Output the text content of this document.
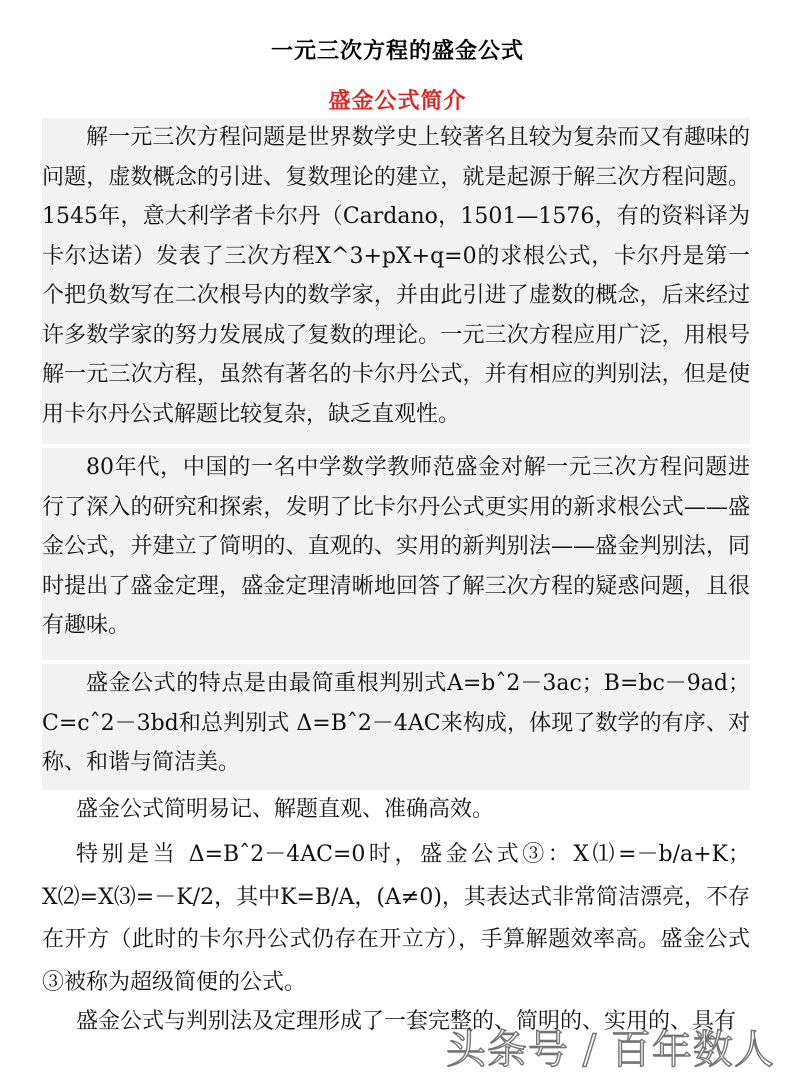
一元三次方程的盛金公式
盛金公式简介

解一元三次方程问题是世界数学史上较著名且较为复杂而又有趣味的问题，虚数概念的引进、复数理论的建立，就是起源于解三次方程问题。1545年，意大利学者卡尔丹（Cardano，1501—1576，有的资料译为卡尔达诺）发表了三次方程X^3+pX+q=0的求根公式，卡尔丹是第一个把负数写在二次根号内的数学家，并由此引进了虚数的概念，后来经过许多数学家的努力发展成了复数的理论。一元三次方程应用广泛，用根号解一元三次方程，虽然有著名的卡尔丹公式，并有相应的判别法，但是使用卡尔丹公式解题比较复杂，缺乏直观性。

80年代，中国的一名中学数学教师范盛金对解一元三次方程问题进行了深入的研究和探索，发明了比卡尔丹公式更实用的新求根公式——盛金公式，并建立了简明的、直观的、实用的新判别法——盛金判别法，同时提出了盛金定理，盛金定理清晰地回答了解三次方程的疑惑问题，且很有趣味。

盛金公式的特点是由最简重根判别式A=bˆ2－3ac；B=bc－9ad；C=cˆ2－3bd和总判别式 Δ=Bˆ2－4AC来构成，体现了数学的有序、对称、和谐与简洁美。

盛金公式简明易记、解题直观、准确高效。

特别是当 Δ=Bˆ2－4AC=0时，盛金公式③：X⑴=－b/a+K；X⑵=X⑶=－K/2，其中K=B/A，(A≠0)，其表达式非常简洁漂亮，不存在开方（此时的卡尔丹公式仍存在开立方），手算解题效率高。盛金公式③被称为超级简便的公式。

盛金公式与判别法及定理形成了一套完整的、简明的、实用的、具有

头条号 / 百年数人
